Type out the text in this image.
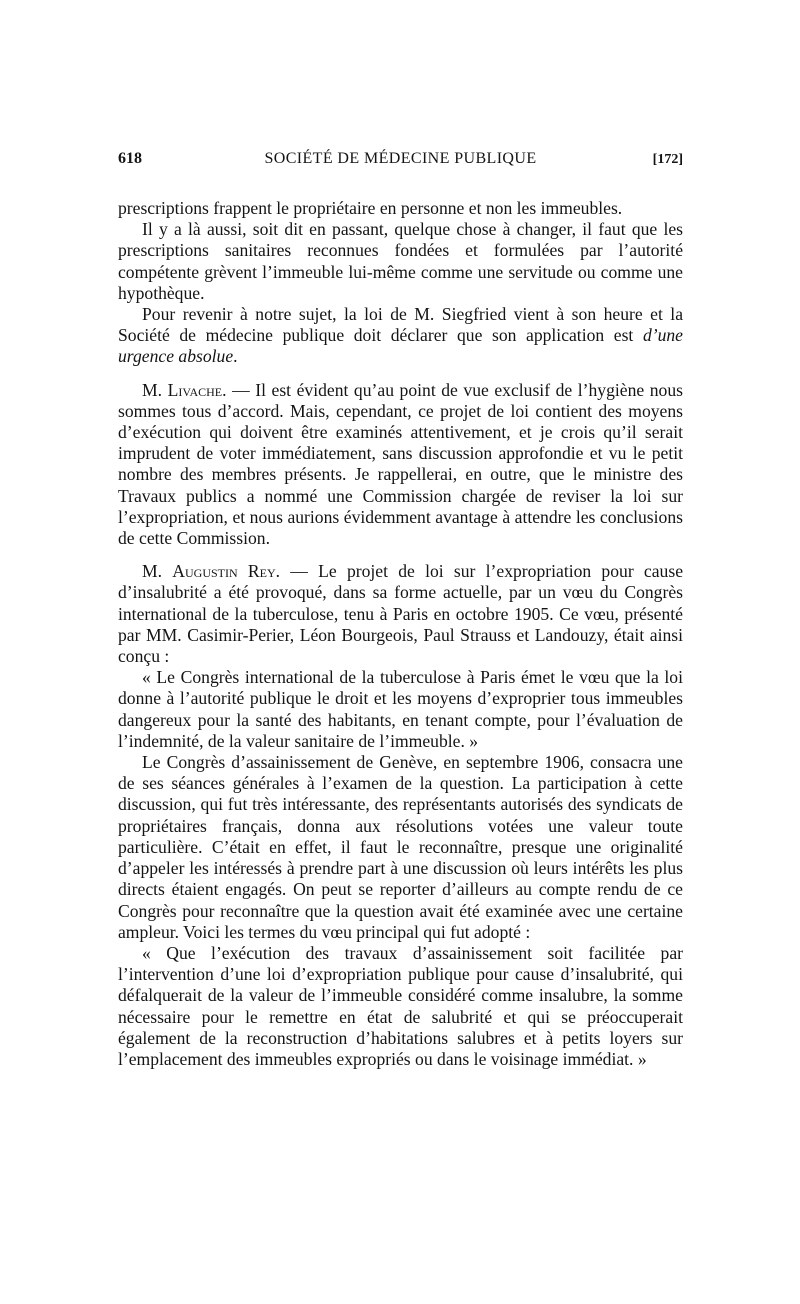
SOCIÉTÉ DE MÉDECINE PUBLIQUE
618	[172]

prescriptions frappent le propriétaire en personne et non les immeubles.

Il y a là aussi, soit dit en passant, quelque chose à changer, il faut que les prescriptions sanitaires reconnues fondées et formulées par l’autorité compétente grèvent l’immeuble lui-même comme une servitude ou comme une hypothèque.

Pour revenir à notre sujet, la loi de M. Siegfried vient à son heure et la Société de médecine publique doit déclarer que son application est d’une urgence absolue.

M. Livache. — Il est évident qu’au point de vue exclusif de l’hygiène nous sommes tous d’accord. Mais, cependant, ce projet de loi contient des moyens d’exécution qui doivent être examinés attentivement, et je crois qu’il serait imprudent de voter immédiatement, sans discussion approfondie et vu le petit nombre des membres présents. Je rappellerai, en outre, que le ministre des Travaux publics a nommé une Commission chargée de reviser la loi sur l’expropriation, et nous aurions évidemment avantage à attendre les conclusions de cette Commission.

M. Augustin Rey. — Le projet de loi sur l’expropriation pour cause d’insalubrité a été provoqué, dans sa forme actuelle, par un vœu du Congrès international de la tuberculose, tenu à Paris en octobre 1905. Ce vœu, présenté par MM. Casimir-Perier, Léon Bourgeois, Paul Strauss et Landouzy, était ainsi conçu :

« Le Congrès international de la tuberculose à Paris émet le vœu que la loi donne à l’autorité publique le droit et les moyens d’exproprier tous immeubles dangereux pour la santé des habitants, en tenant compte, pour l’évaluation de l’indemnité, de la valeur sanitaire de l’immeuble. »

Le Congrès d’assainissement de Genève, en septembre 1906, consacra une de ses séances générales à l’examen de la question. La participation à cette discussion, qui fut très intéressante, des représentants autorisés des syndicats de propriétaires français, donna aux résolutions votées une valeur toute particulière. C’était en effet, il faut le reconnaître, presque une originalité d’appeler les intéressés à prendre part à une discussion où leurs intérêts les plus directs étaient engagés. On peut se reporter d’ailleurs au compte rendu de ce Congrès pour reconnaître que la question avait été examinée avec une certaine ampleur. Voici les termes du vœu principal qui fut adopté :

« Que l’exécution des travaux d’assainissement soit facilitée par l’intervention d’une loi d’expropriation publique pour cause d’insalubrité, qui défalquerait de la valeur de l’immeuble considéré comme insalubre, la somme nécessaire pour le remettre en état de salubrité et qui se préoccuperait également de la reconstruction d’habitations salubres et à petits loyers sur l’emplacement des immeubles expropriés ou dans le voisinage immédiat. »
